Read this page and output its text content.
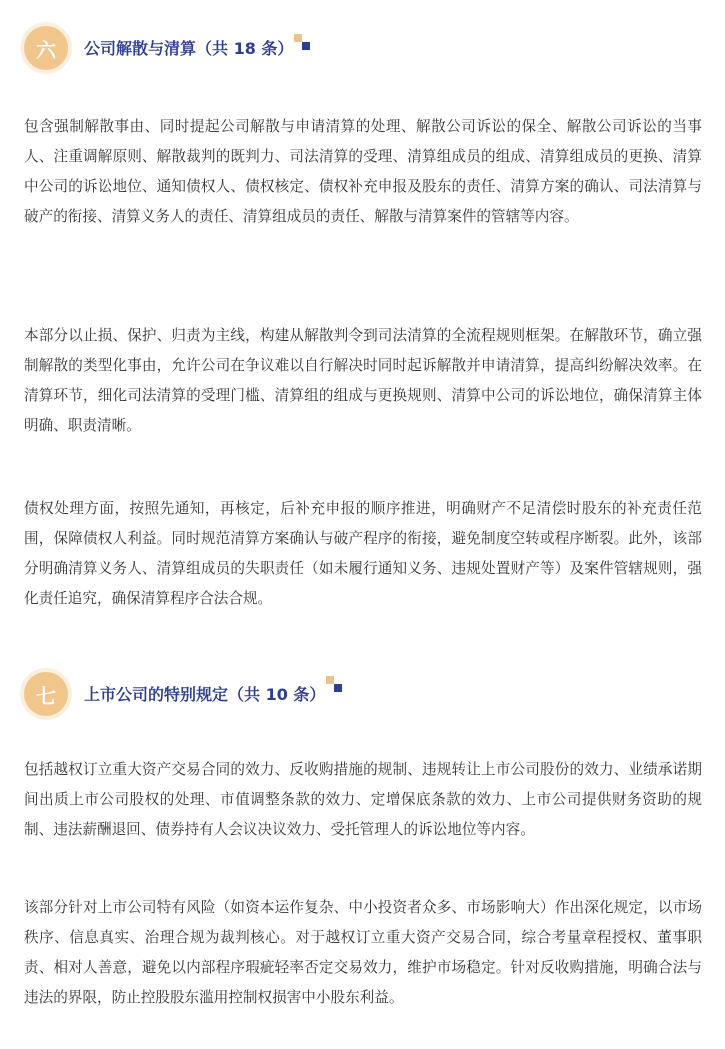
六	公司解散与清算（共 18 条）

包含强制解散事由、同时提起公司解散与申请清算的处理、解散公司诉讼的保全、解散公司诉讼的当事人、注重调解原则、解散裁判的既判力、司法清算的受理、清算组成员的组成、清算组成员的更换、清算中公司的诉讼地位、通知债权人、债权核定、债权补充申报及股东的责任、清算方案的确认、司法清算与破产的衔接、清算义务人的责任、清算组成员的责任、解散与清算案件的管辖等内容。

本部分以止损、保护、归责为主线，构建从解散判令到司法清算的全流程规则框架。在解散环节，确立强制解散的类型化事由，允许公司在争议难以自行解决时同时起诉解散并申请清算，提高纠纷解决效率。在清算环节，细化司法清算的受理门槛、清算组的组成与更换规则、清算中公司的诉讼地位，确保清算主体明确、职责清晰。

债权处理方面，按照先通知，再核定，后补充申报的顺序推进，明确财产不足清偿时股东的补充责任范围，保障债权人利益。同时规范清算方案确认与破产程序的衔接，避免制度空转或程序断裂。此外，该部分明确清算义务人、清算组成员的失职责任（如未履行通知义务、违规处置财产等）及案件管辖规则，强化责任追究，确保清算程序合法合规。

七	上市公司的特别规定（共 10 条）

包括越权订立重大资产交易合同的效力、反收购措施的规制、违规转让上市公司股份的效力、业绩承诺期间出质上市公司股权的处理、市值调整条款的效力、定增保底条款的效力、上市公司提供财务资助的规制、违法薪酬退回、债券持有人会议决议效力、受托管理人的诉讼地位等内容。

该部分针对上市公司特有风险（如资本运作复杂、中小投资者众多、市场影响大）作出深化规定，以市场秩序、信息真实、治理合规为裁判核心。对于越权订立重大资产交易合同，综合考量章程授权、董事职责、相对人善意，避免以内部程序瑕疵轻率否定交易效力，维护市场稳定。针对反收购措施，明确合法与违法的界限，防止控股股东滥用控制权损害中小股东利益。
